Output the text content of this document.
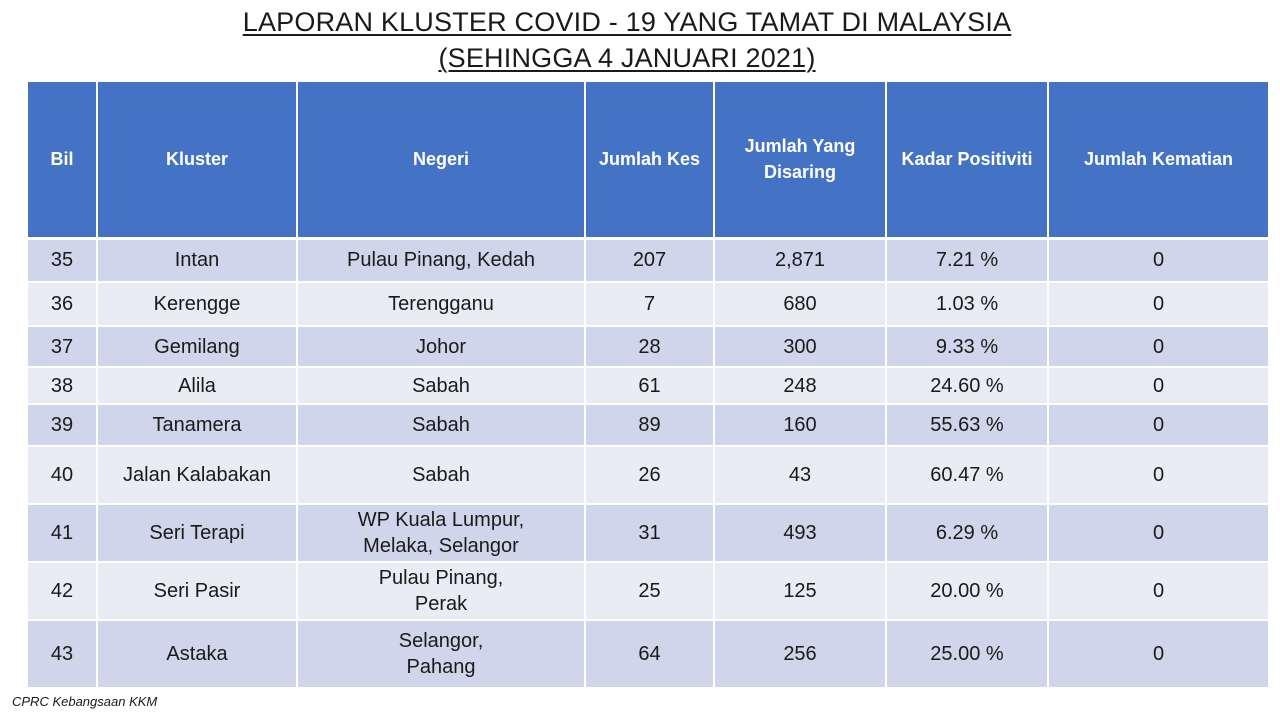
LAPORAN KLUSTER COVID - 19 YANG TAMAT DI MALAYSIA
(SEHINGGA 4 JANUARI 2021)
Bil	Kluster	Negeri	Jumlah Kes	Jumlah Yang
Disaring	Kadar Positiviti	Jumlah Kematian
35	Intan	Pulau Pinang, Kedah	207	2,871	7.21 %	0
36	Kerengge	Terengganu	7	680	1.03 %	0
37	Gemilang	Johor	28	300	9.33 %	0
38	Alila	Sabah	61	248	24.60 %	0
39	Tanamera	Sabah	89	160	55.63 %	0
40	Jalan Kalabakan	Sabah	26	43	60.47 %	0
41	Seri Terapi	WP Kuala Lumpur,
Melaka, Selangor	31	493	6.29 %	0
42	Seri Pasir	Pulau Pinang,
Perak	25	125	20.00 %	0
43	Astaka	Selangor,
Pahang	64	256	25.00 %	0
CPRC Kebangsaan KKM
